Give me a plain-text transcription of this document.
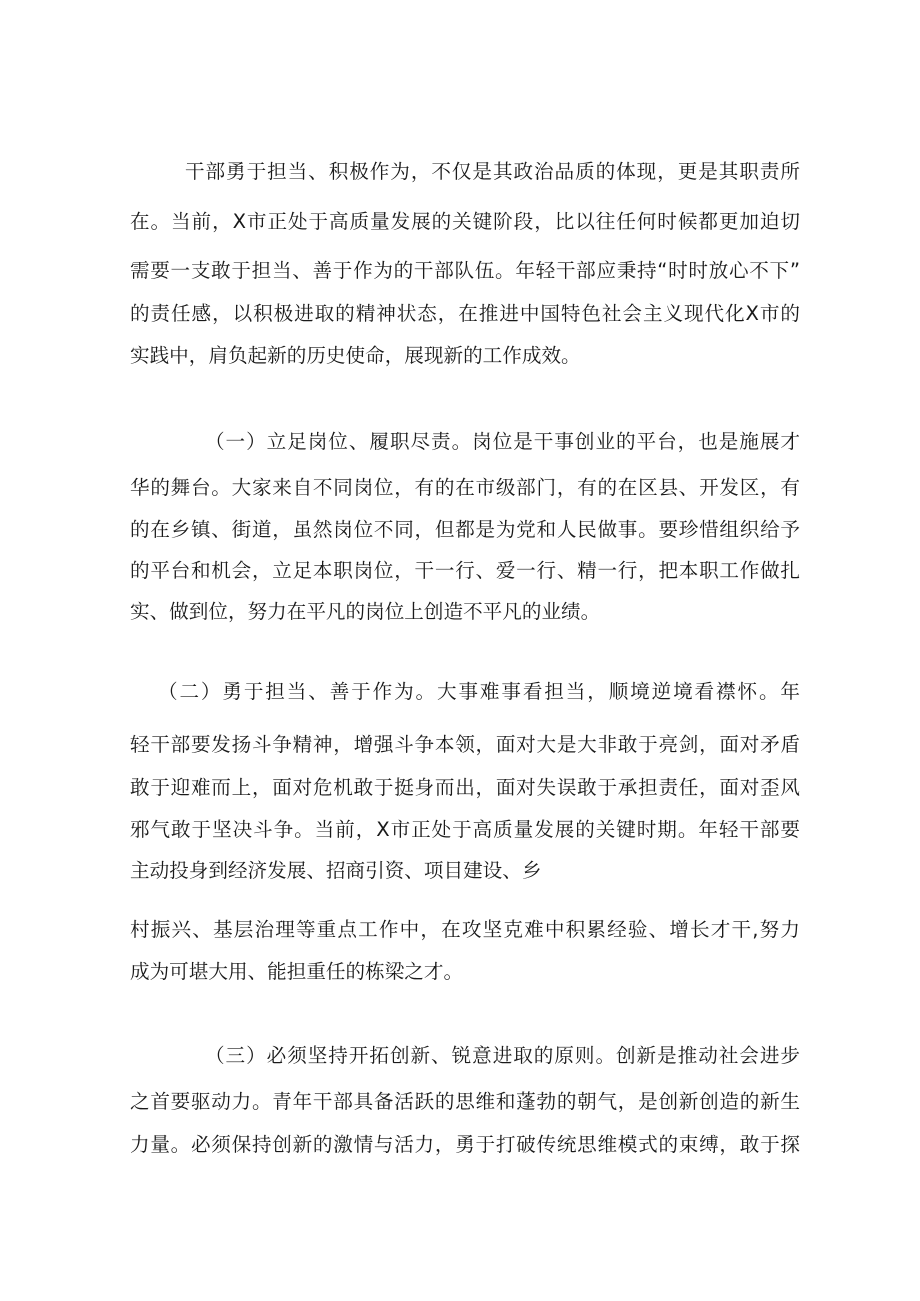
干部勇于担当、积极作为，不仅是其政治品质的体现，更是其职责所
在。当前，X市正处于高质量发展的关键阶段，比以往任何时候都更加迫切
需要一支敢于担当、善于作为的干部队伍。年轻干部应秉持“时时放心不下”
的责任感，以积极进取的精神状态，在推进中国特色社会主义现代化X市的
实践中，肩负起新的历史使命，展现新的工作成效。
（一）立足岗位、履职尽责。岗位是干事创业的平台，也是施展才
华的舞台。大家来自不同岗位，有的在市级部门，有的在区县、开发区，有
的在乡镇、街道，虽然岗位不同，但都是为党和人民做事。要珍惜组织给予
的平台和机会，立足本职岗位，干一行、爱一行、精一行，把本职工作做扎
实、做到位，努力在平凡的岗位上创造不平凡的业绩。
（二）勇于担当、善于作为。大事难事看担当，顺境逆境看襟怀。年
轻干部要发扬斗争精神，增强斗争本领，面对大是大非敢于亮剑，面对矛盾
敢于迎难而上，面对危机敢于挺身而出，面对失误敢于承担责任，面对歪风
邪气敢于坚决斗争。当前，X市正处于高质量发展的关键时期。年轻干部要
主动投身到经济发展、招商引资、项目建设、乡
村振兴、基层治理等重点工作中，在攻坚克难中积累经验、增长才干,努力
成为可堪大用、能担重任的栋梁之才。
（三）必须坚持开拓创新、锐意进取的原则。创新是推动社会进步
之首要驱动力。青年干部具备活跃的思维和蓬勃的朝气，是创新创造的新生
力量。必须保持创新的激情与活力，勇于打破传统思维模式的束缚，敢于探
